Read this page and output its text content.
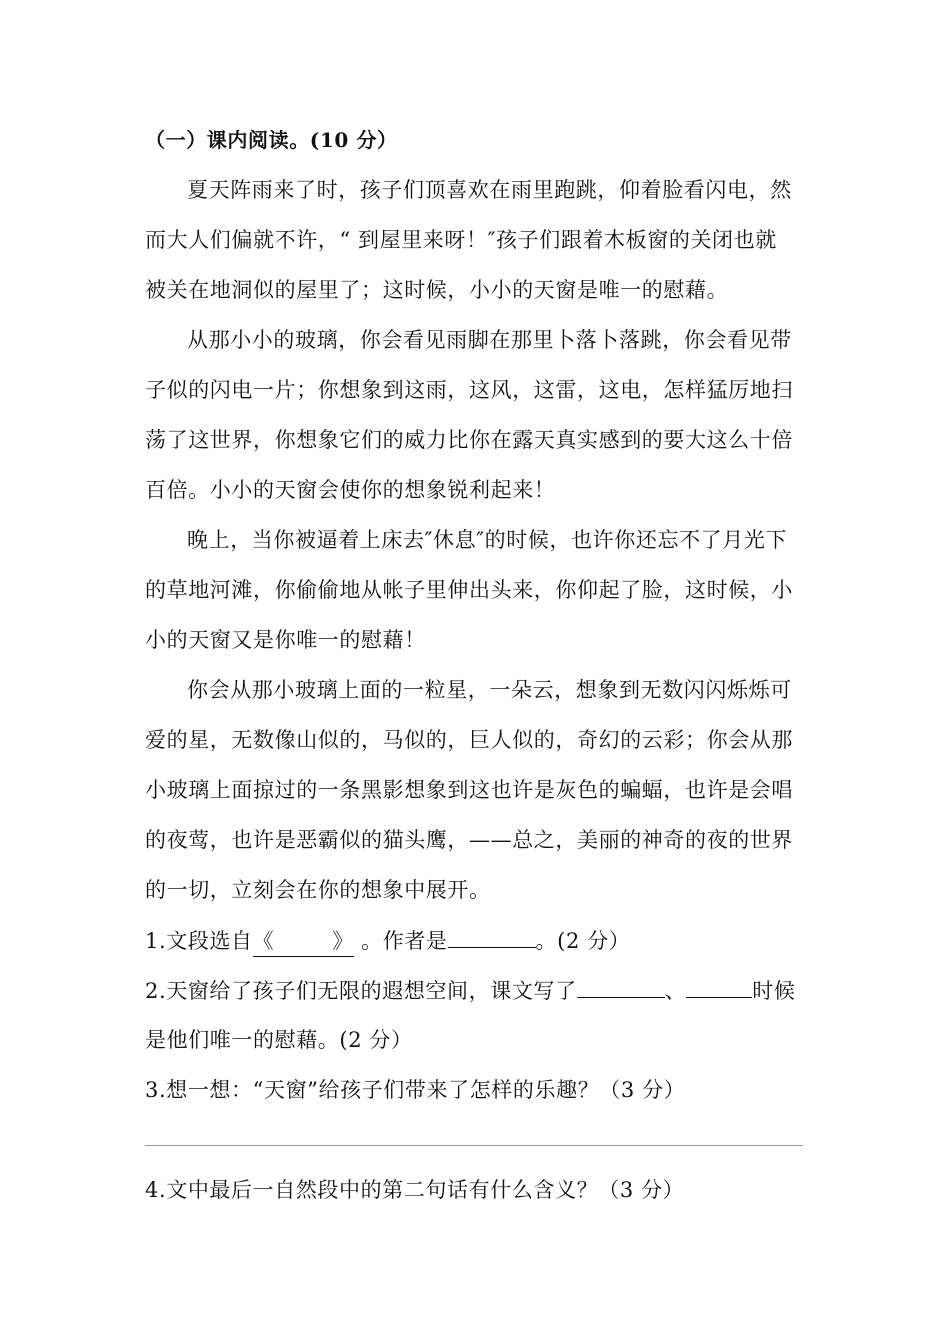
（一）课内阅读。(10 分）
夏天阵雨来了时，孩子们顶喜欢在雨里跑跳，仰着脸看闪电，然
而大人们偏就不许，“ 到屋里来呀！″孩子们跟着木板窗的关闭也就
被关在地洞似的屋里了；这时候，小小的天窗是唯一的慰藉。
从那小小的玻璃，你会看见雨脚在那里卜落卜落跳，你会看见带
子似的闪电一片；你想象到这雨，这风，这雷，这电，怎样猛厉地扫
荡了这世界，你想象它们的威力比你在露天真实感到的要大这么十倍
百倍。小小的天窗会使你的想象锐利起来！
晚上，当你被逼着上床去″休息″的时候，也许你还忘不了月光下
的草地河滩，你偷偷地从帐子里伸出头来，你仰起了脸，这时候，小
小的天窗又是你唯一的慰藉！
你会从那小玻璃上面的一粒星，一朵云，想象到无数闪闪烁烁可
爱的星，无数像山似的，马似的，巨人似的，奇幻的云彩；你会从那
小玻璃上面掠过的一条黑影想象到这也许是灰色的蝙蝠，也许是会唱
的夜莺，也许是恶霸似的猫头鹰，——总之，美丽的神奇的夜的世界
的一切，立刻会在你的想象中展开。
1.文段选自《	》 。作者是	。(2 分）
2.天窗给了孩子们无限的遐想空间，课文写了	、	时候
是他们唯一的慰藉。(2 分）
3.想一想：“天窗”给孩子们带来了怎样的乐趣？（3 分）
4.文中最后一自然段中的第二句话有什么含义？（3 分）
